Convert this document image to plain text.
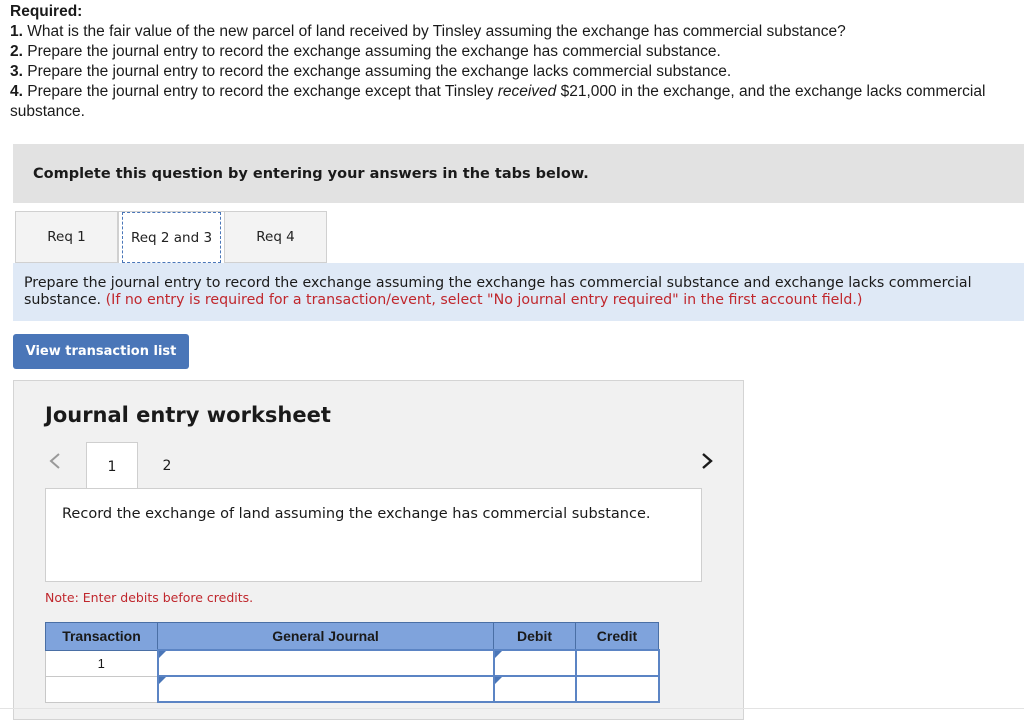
Required:
1. What is the fair value of the new parcel of land received by Tinsley assuming the exchange has commercial substance?
2. Prepare the journal entry to record the exchange assuming the exchange has commercial substance.
3. Prepare the journal entry to record the exchange assuming the exchange lacks commercial substance.
4. Prepare the journal entry to record the exchange except that Tinsley received $21,000 in the exchange, and the exchange lacks commercial substance.
Complete this question by entering your answers in the tabs below.
Req 1	Req 2 and 3	Req 4
Prepare the journal entry to record the exchange assuming the exchange has commercial substance and exchange lacks commercial substance. (If no entry is required for a transaction/event, select "No journal entry required" in the first account field.)
View transaction list
Journal entry worksheet
1	2
Record the exchange of land assuming the exchange has commercial substance.
Note: Enter debits before credits.
Transaction	General Journal	Debit	Credit
1	
